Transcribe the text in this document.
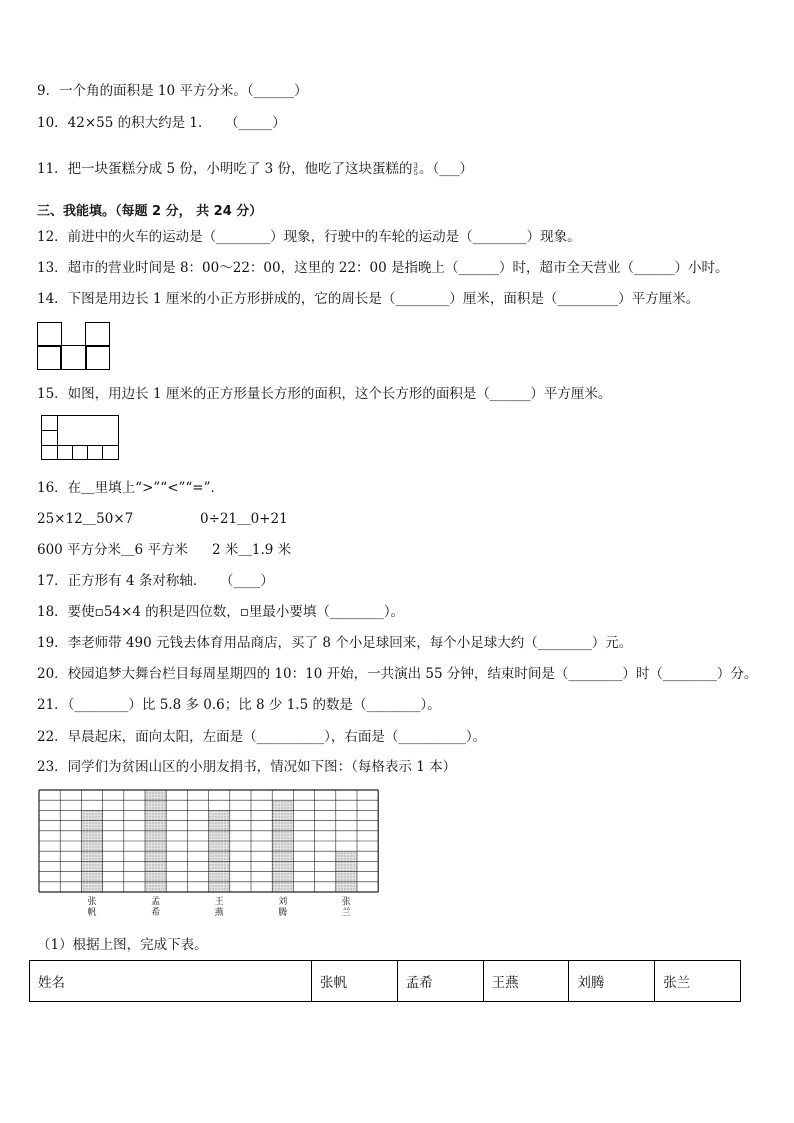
9．一个角的面积是 10 平方分米。（______）
10．42×55 的积大约是 1．　　（_____）
11．把一块蛋糕分成 5 份，小明吃了 3 份，他吃了这块蛋糕的 3
5 。（___）
三、我能填。（每题 2 分， 共 24 分）
12．前进中的火车的运动是（________）现象，行驶中的车轮的运动是（________）现象。
13．超市的营业时间是 8：00～22：00，这里的 22：00 是指晚上（______）时，超市全天营业（______）小时。
14．下图是用边长 1 厘米的小正方形拼成的，它的周长是（________）厘米，面积是（_________）平方厘米。
15．如图，用边长 1 厘米的正方形量长方形的面积，这个长方形的面积是（______）平方厘米。
16．在＿里填上“>”“<”“=”．
25×12＿50×7	0÷21＿0+21
600 平方分米＿6 平方米 2 米＿1.9 米
17．正方形有 4 条对称轴．　　（____）
18．要使▫54×4 的积是四位数，▫里最小要填（________）。
19．李老师带 490 元钱去体育用品商店，买了 8 个小足球回来，每个小足球大约（________）元。
20．校园追梦大舞台栏目每周星期四的 10：10 开始，一共演出 55 分钟，结束时间是（________）时（________）分。
21．（________）比 5.8 多 0.6；比 8 少 1.5 的数是（________）。
22．早晨起床，面向太阳，左面是（__________），右面是（__________）。
23．同学们为贫困山区的小朋友捐书，情况如下图：（每格表示 1 本）
张
帆
孟
希
王
燕
刘
腾
张
兰
（1）根据上图，完成下表。
姓名	张帆	孟希	王燕	刘腾	张兰
